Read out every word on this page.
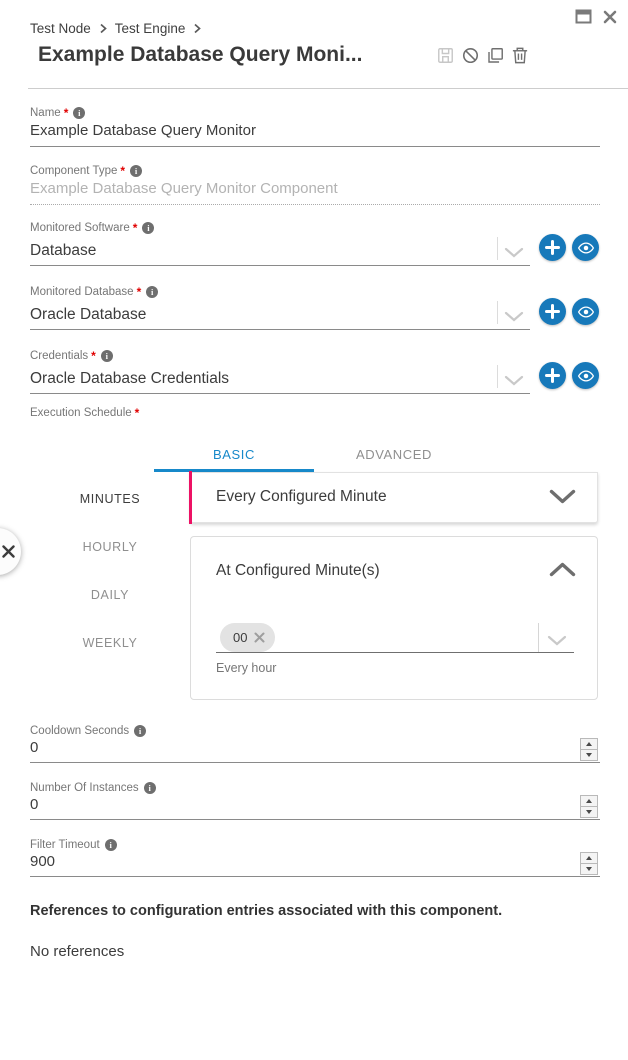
Test Node Test Engine
Example Database Query Moni...
Name *	i
Example Database Query Monitor
Component Type *	i
Example Database Query Monitor Component
Monitored Software *	i
Database
Monitored Database *	i
Oracle Database
Credentials *	i
Oracle Database Credentials
Execution Schedule *
BASIC	ADVANCED
MINUTES
HOURLY
DAILY
WEEKLY
Every Configured Minute
At Configured Minute(s)
00
Every hour
Cooldown Seconds	i
0
Number Of Instances	i
0
Filter Timeout	i
900
References to configuration entries associated with this component.
No references
